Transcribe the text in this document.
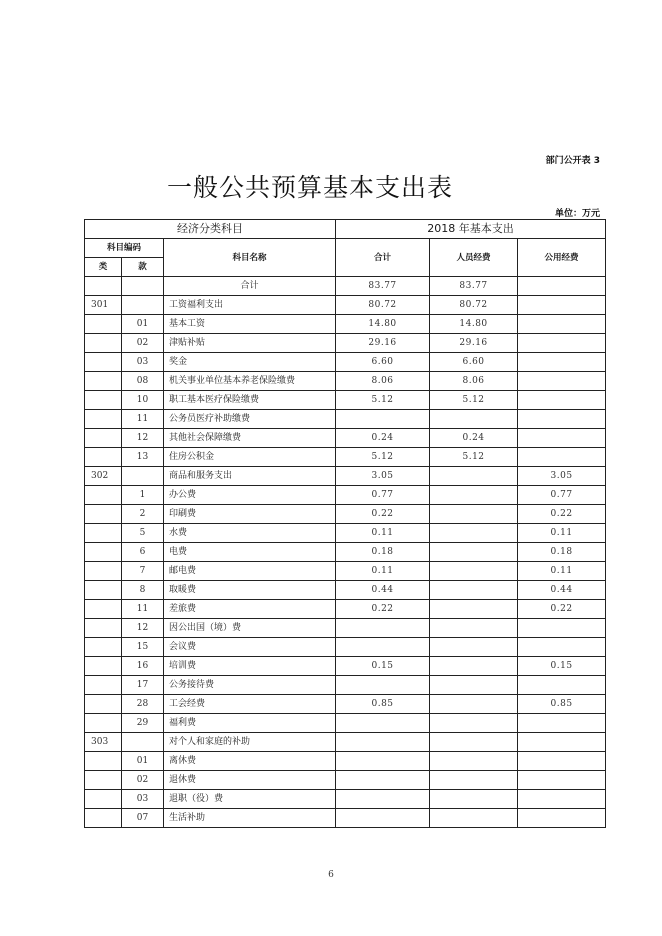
部门公开表 3
一般公共预算基本支出表
单位：万元
经济分类科目			2018 年基本支出		
科目编码		科目名称	合计	人员经费	公用经费
类	款				
		合计	83.77	83.77	
301		工资福利支出	80.72	80.72	
	01	基本工资	14.80	14.80	
	02	津贴补贴	29.16	29.16	
	03	奖金	6.60	6.60	
	08	机关事业单位基本养老保险缴费	8.06	8.06	
	10	职工基本医疗保险缴费	5.12	5.12	
	11	公务员医疗补助缴费			
	12	其他社会保障缴费	0.24	0.24	
	13	住房公积金	5.12	5.12	
302		商品和服务支出	3.05		3.05
	1	办公费	0.77		0.77
	2	印刷费	0.22		0.22
	5	水费	0.11		0.11
	6	电费	0.18		0.18
	7	邮电费	0.11		0.11
	8	取暖费	0.44		0.44
	11	差旅费	0.22		0.22
	12	因公出国（境）费			
	15	会议费			
	16	培训费	0.15		0.15
	17	公务接待费			
	28	工会经费	0.85		0.85
	29	福利费			
303		对个人和家庭的补助			
	01	离休费			
	02	退休费			
	03	退职（役）费			
	07	生活补助			
6
